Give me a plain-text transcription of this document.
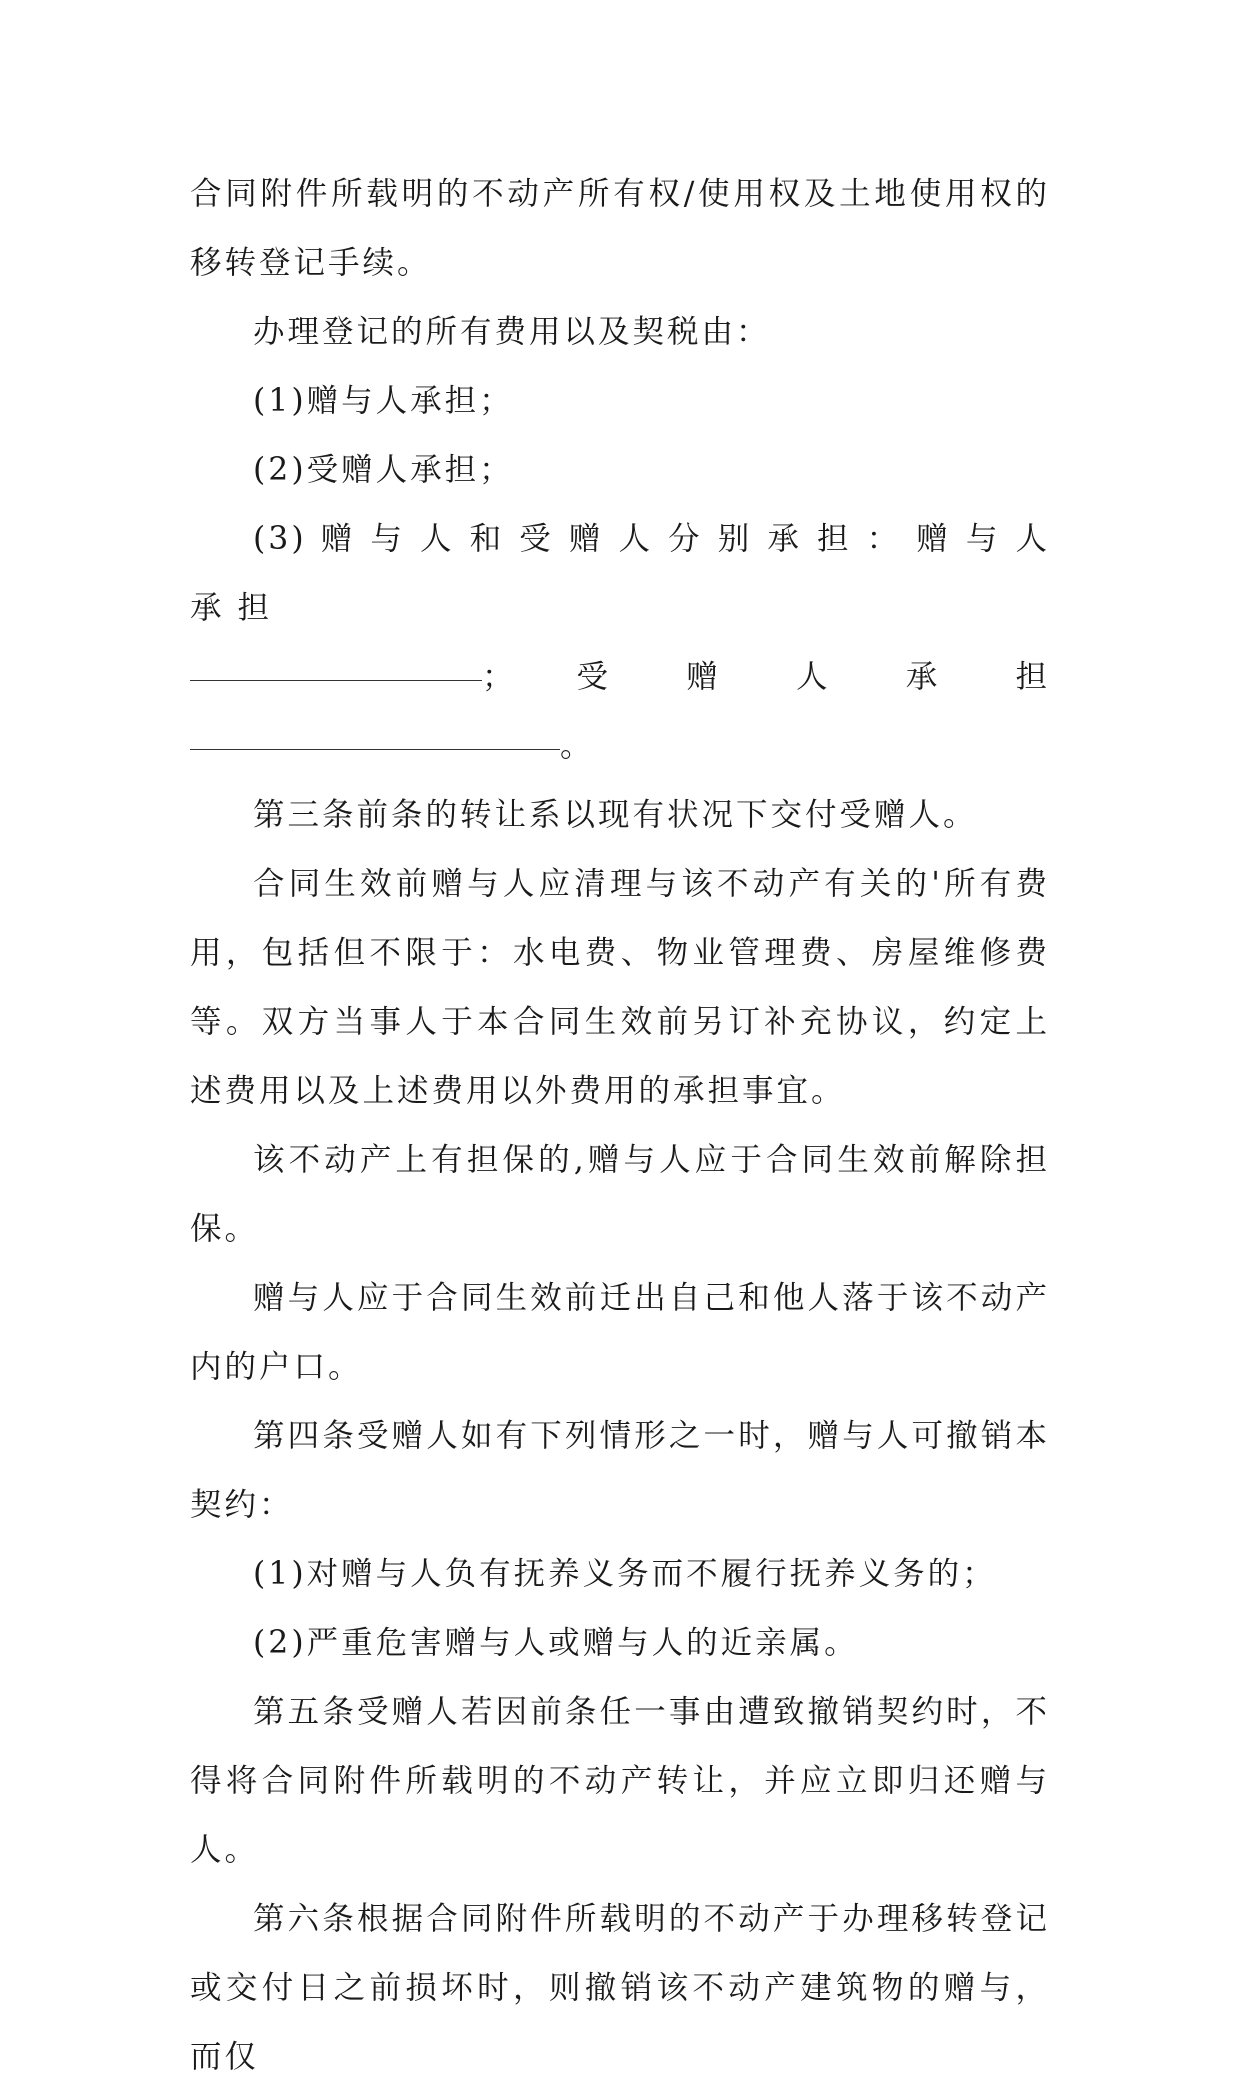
合同附件所载明的不动产所有权/使用权及土地使用权的移转登记手续。

办理登记的所有费用以及契税由：

(1)赠与人承担；

(2)受赠人承担；

(3) 赠 与 人 和 受 赠 人 分 别 承 担 ： 赠 与 人 承 担

； 受 赠 人 承 担
。

第三条前条的转让系以现有状况下交付受赠人。

合同生效前赠与人应清理与该不动产有关的'所有费用，包括但不限于：水电费、物业管理费、房屋维修费等。双方当事人于本合同生效前另订补充协议，约定上述费用以及上述费用以外费用的承担事宜。

该不动产上有担保的,赠与人应于合同生效前解除担保。

赠与人应于合同生效前迁出自己和他人落于该不动产内的户口。

第四条受赠人如有下列情形之一时，赠与人可撤销本契约：

(1)对赠与人负有抚养义务而不履行抚养义务的；

(2)严重危害赠与人或赠与人的近亲属。

第五条受赠人若因前条任一事由遭致撤销契约时，不得将合同附件所载明的不动产转让，并应立即归还赠与人。

第六条根据合同附件所载明的不动产于办理移转登记或交付日之前损坏时，则撤销该不动产建筑物的赠与，而仅
